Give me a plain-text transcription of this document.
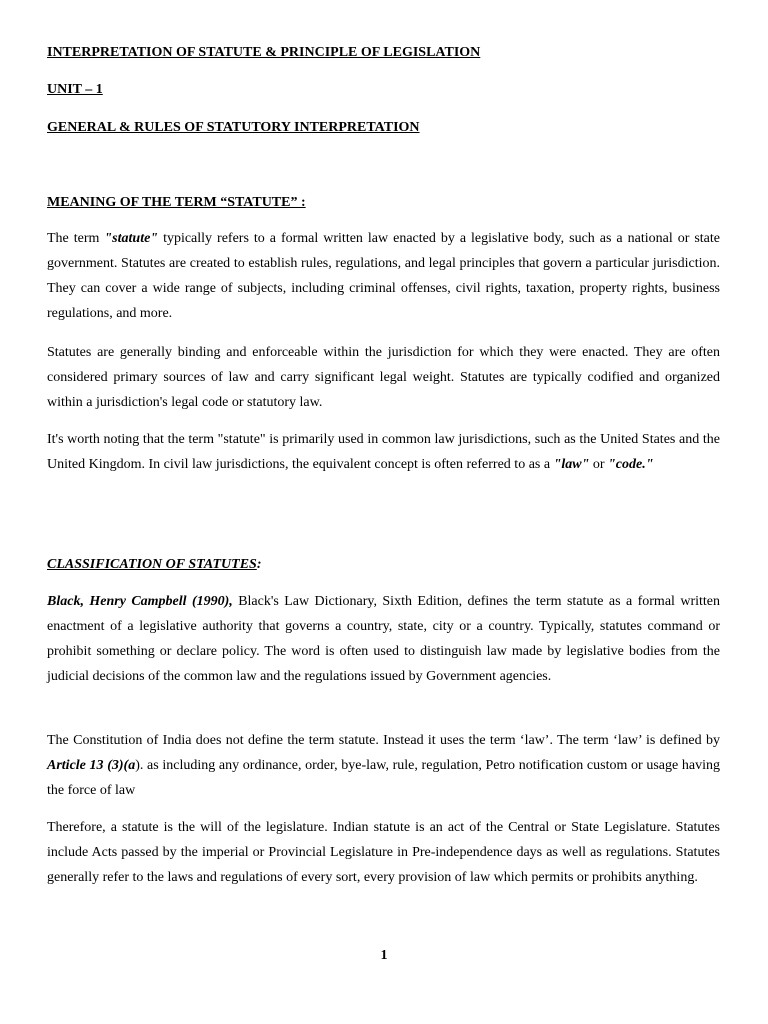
INTERPRETATION OF STATUTE & PRINCIPLE OF LEGISLATION

UNIT – 1

GENERAL & RULES OF STATUTORY INTERPRETATION

MEANING OF THE TERM “STATUTE” :

The term "statute" typically refers to a formal written law enacted by a legislative body, such as a national or state government. Statutes are created to establish rules, regulations, and legal principles that govern a particular jurisdiction. They can cover a wide range of subjects, including criminal offenses, civil rights, taxation, property rights, business regulations, and more.

Statutes are generally binding and enforceable within the jurisdiction for which they were enacted. They are often considered primary sources of law and carry significant legal weight. Statutes are typically codified and organized within a jurisdiction's legal code or statutory law.

It's worth noting that the term "statute" is primarily used in common law jurisdictions, such as the United States and the United Kingdom. In civil law jurisdictions, the equivalent concept is often referred to as a "law" or "code."

CLASSIFICATION OF STATUTES:

Black, Henry Campbell (1990), Black's Law Dictionary, Sixth Edition, defines the term statute as a formal written enactment of a legislative authority that governs a country, state, city or a country. Typically, statutes command or prohibit something or declare policy. The word is often used to distinguish law made by legislative bodies from the judicial decisions of the common law and the regulations issued by Government agencies.

The Constitution of India does not define the term statute. Instead it uses the term ‘law’. The term ‘law’ is defined by Article 13 (3)(a). as including any ordinance, order, bye-law, rule, regulation, Petro notification custom or usage having the force of law

Therefore, a statute is the will of the legislature. Indian statute is an act of the Central or State Legislature. Statutes include Acts passed by the imperial or Provincial Legislature in Pre-independence days as well as regulations. Statutes generally refer to the laws and regulations of every sort, every provision of law which permits or prohibits anything.

1
